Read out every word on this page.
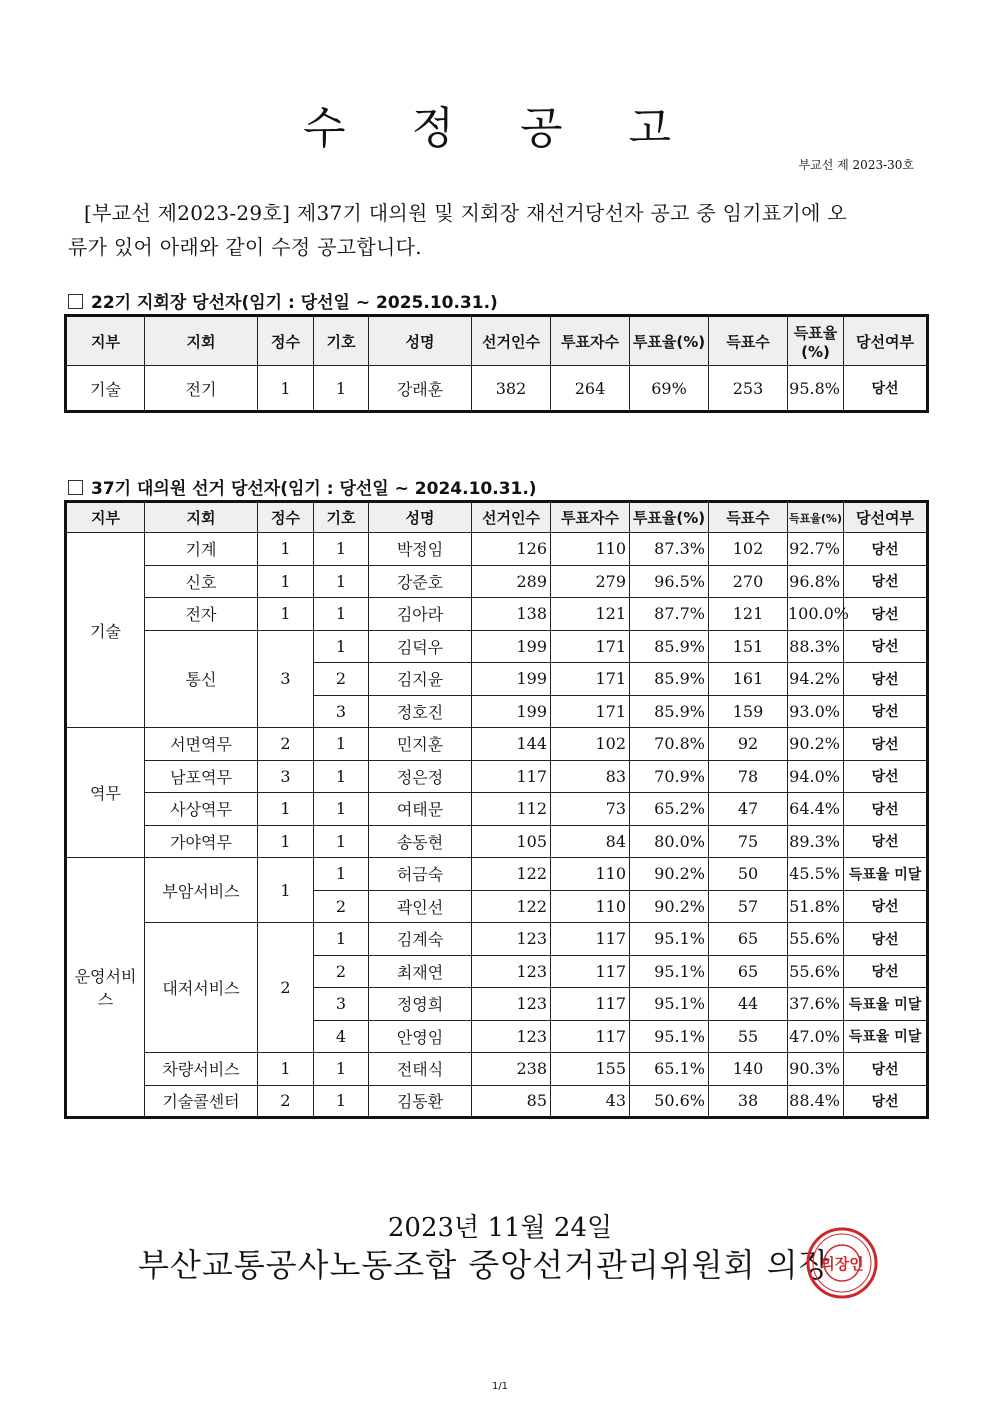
수 정 공 고
부교선 제 2023-30호
[부교선 제2023-29호] 제37기 대의원 및 지회장 재선거당선자 공고 중 임기표기에 오
류가 있어 아래와 같이 수정 공고합니다.
22기 지회장 당선자(임기 : 당선일 ~ 2025.10.31.)
지부	지회	정수	기호	성명	선거인수	투표자수	투표율(%)	득표수	득표율(%)	당선여부
기술	전기	1	1	강래훈	382	264	69%	253	95.8%	당선
37기 대의원 선거 당선자(임기 : 당선일 ~ 2024.10.31.)
지부	지회	정수	기호	성명	선거인수	투표자수	투표율(%)	득표수	득표율(%)	당선여부
기술	기계	1	1	박정임	126	110	87.3%	102	92.7%	당선
	신호	1	1	강준호	289	279	96.5%	270	96.8%	당선
	전자	1	1	김아라	138	121	87.7%	121	100.0%	당선
	통신	3	1	김덕우	199	171	85.9%	151	88.3%	당선
			2	김지윤	199	171	85.9%	161	94.2%	당선
			3	정호진	199	171	85.9%	159	93.0%	당선
역무	서면역무	2	1	민지훈	144	102	70.8%	92	90.2%	당선
	남포역무	3	1	정은정	117	83	70.9%	78	94.0%	당선
	사상역무	1	1	여태문	112	73	65.2%	47	64.4%	당선
	가야역무	1	1	송동현	105	84	80.0%	75	89.3%	당선
운영서비스	부암서비스	1	1	허금숙	122	110	90.2%	50	45.5%	득표율 미달
			2	곽인선	122	110	90.2%	57	51.8%	당선
	대저서비스	2	1	김계숙	123	117	95.1%	65	55.6%	당선
			2	최재연	123	117	95.1%	65	55.6%	당선
			3	정영희	123	117	95.1%	44	37.6%	득표율 미달
			4	안영임	123	117	95.1%	55	47.0%	득표율 미달
	차량서비스	1	1	전태식	238	155	65.1%	140	90.3%	당선
	기술콜센터	2	1	김동환	85	43	50.6%	38	88.4%	당선
2023년 11월 24일
부산교통공사노동조합 중앙선거관리위원회 의장
의장인
1/1
